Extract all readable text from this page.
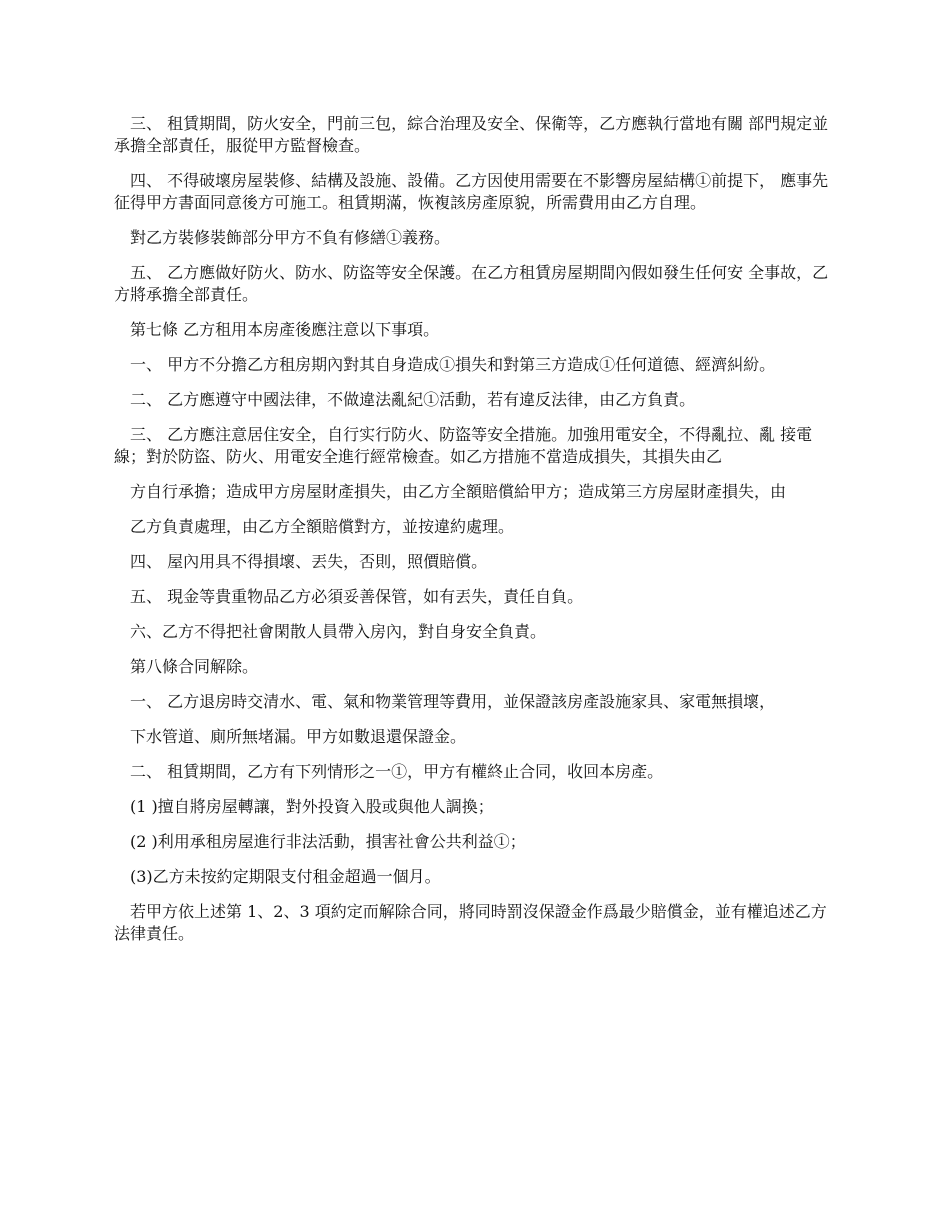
三、 租賃期間，防火安全，門前三包，綜合治理及安全、保衛等，乙方應執行當地有關 部門規定並承擔全部責任，服從甲方監督檢查。

四、 不得破壞房屋裝修、結構及設施、設備。乙方因使用需要在不影響房屋結構①前提下， 應事先征得甲方書面同意後方可施工。租賃期滿，恢複該房產原貌，所需費用由乙方自理。

對乙方裝修裝飾部分甲方不負有修繕①義務。

五、 乙方應做好防火、防水、防盜等安全保護。在乙方租賃房屋期間內假如發生任何安 全事故，乙方將承擔全部責任。

第七條 乙方租用本房產後應注意以下事項。

一、 甲方不分擔乙方租房期內對其自身造成①損失和對第三方造成①任何道德、經濟糾紛。

二、 乙方應遵守中國法律，不做違法亂紀①活動，若有違反法律，由乙方負責。

三、 乙方應注意居住安全，自行实行防火、防盜等安全措施。加強用電安全，不得亂拉、亂 接電線；對於防盜、防火、用電安全進行經常檢查。如乙方措施不當造成損失，其損失由乙

方自行承擔；造成甲方房屋財產損失，由乙方全額賠償給甲方；造成第三方房屋財產損失，由

乙方負責處理，由乙方全額賠償對方，並按違約處理。

四、 屋內用具不得損壞、丟失，否則，照價賠償。

五、 現金等貴重物品乙方必須妥善保管，如有丟失，責任自負。

六、乙方不得把社會閑散人員帶入房內，對自身安全負責。

第八條合同解除。

一、 乙方退房時交清水、電、氣和物業管理等費用，並保證該房產設施家具、家電無損壞，

下水管道、廁所無堵漏。甲方如數退還保證金。

二、 租賃期間，乙方有下列情形之一①，甲方有權終止合同，收回本房產。

(1 )擅自將房屋轉讓，對外投資入股或與他人調換；

(2 )利用承租房屋進行非法活動，損害社會公共利益①；

(3)乙方未按約定期限支付租金超過一個月。

若甲方依上述第 1、2、3 項約定而解除合同，將同時罰沒保證金作爲最少賠償金，並有權追述乙方法律責任。
